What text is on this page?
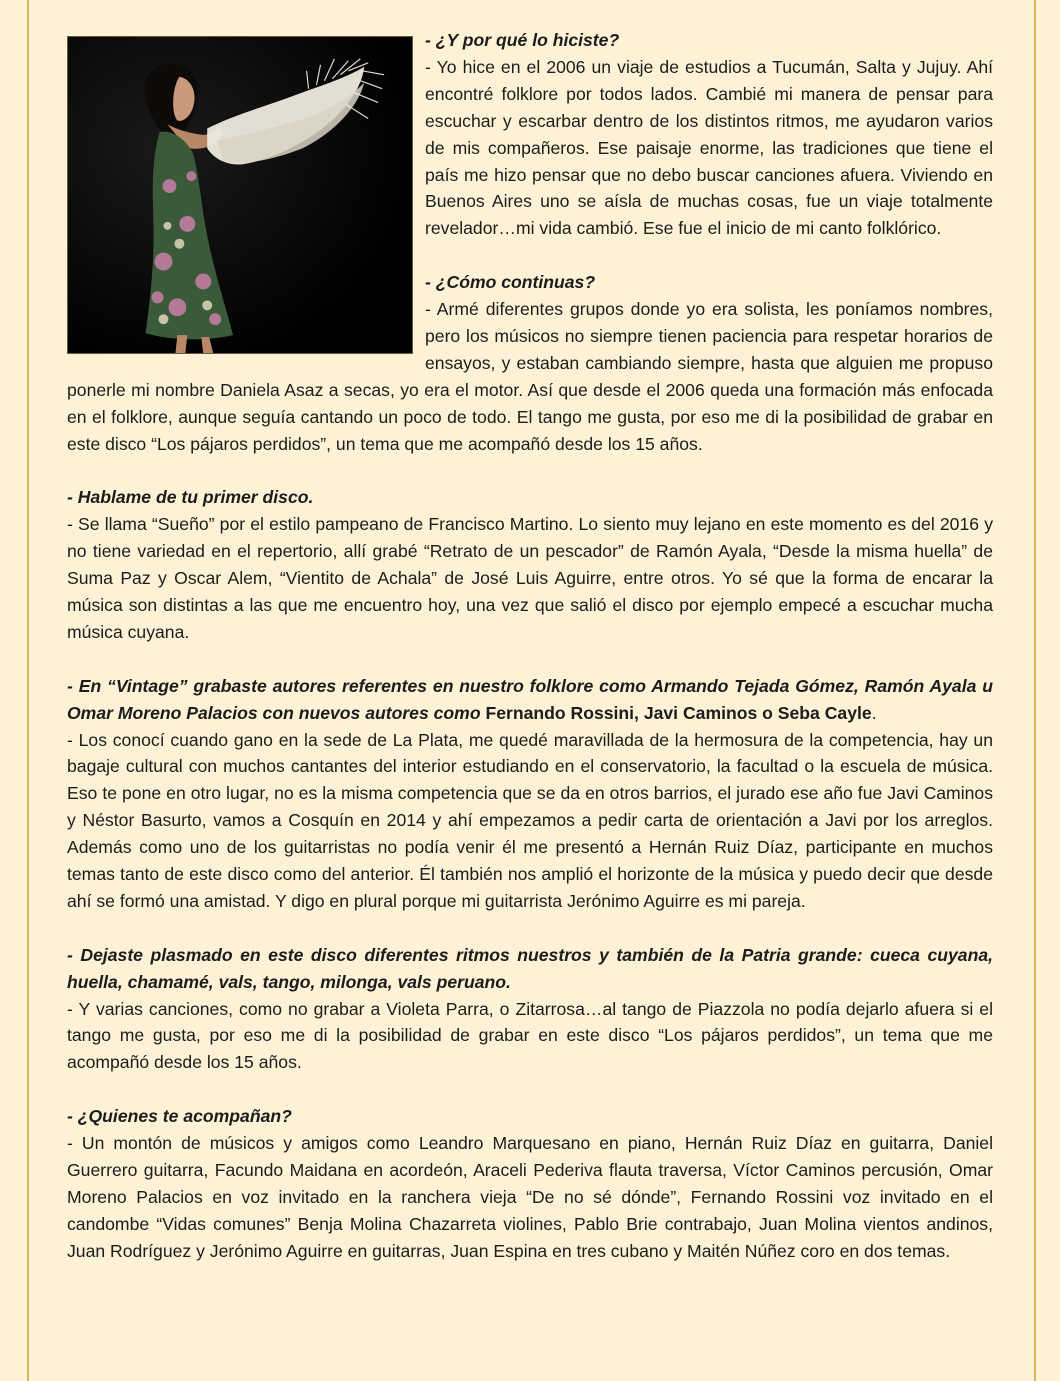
- ¿Y por qué lo hiciste?

- Yo hice en el 2006 un viaje de estudios a Tucumán, Salta y Jujuy. Ahí encontré folklore por todos lados. Cambié mi manera de pensar para escuchar y escarbar dentro de los distintos ritmos, me ayudaron varios de mis compañeros. Ese paisaje enorme, las tradiciones que tiene el país me hizo pensar que no debo buscar canciones afuera. Viviendo en Buenos Aires uno se aísla de muchas cosas, fue un viaje totalmente revelador…mi vida cambió. Ese fue el inicio de mi canto folklórico.

- ¿Cómo continuas?

- Armé diferentes grupos donde yo era solista, les poníamos nombres, pero los músicos no siempre tienen paciencia para respetar horarios de ensayos, y estaban cambiando siempre, hasta que alguien me propuso ponerle mi nombre Daniela Asaz a secas, yo era el motor. Así que desde el 2006 queda una formación más enfocada en el folklore, aunque seguía cantando un poco de todo. El tango me gusta, por eso me di la posibilidad de grabar en este disco “Los pájaros perdidos”, un tema que me acompañó desde los 15 años.

- Hablame de tu primer disco.

- Se llama “Sueño” por el estilo pampeano de Francisco Martino. Lo siento muy lejano en este momento es del 2016 y no tiene variedad en el repertorio, allí grabé “Retrato de un pescador” de Ramón Ayala, “Desde la misma huella” de Suma Paz y Oscar Alem, “Vientito de Achala” de José Luis Aguirre, entre otros. Yo sé que la forma de encarar la música son distintas a las que me encuentro hoy, una vez que salió el disco por ejemplo empecé a escuchar mucha música cuyana.

- En “Vintage” grabaste autores referentes en nuestro folklore como Armando Tejada Gómez, Ramón Ayala u Omar Moreno Palacios con nuevos autores como Fernando Rossini, Javi Caminos o Seba Cayle.

- Los conocí cuando gano en la sede de La Plata, me quedé maravillada de la hermosura de la competencia, hay un bagaje cultural con muchos cantantes del interior estudiando en el conservatorio, la facultad o la escuela de música. Eso te pone en otro lugar, no es la misma competencia que se da en otros barrios, el jurado ese año fue Javi Caminos y Néstor Basurto, vamos a Cosquín en 2014 y ahí empezamos a pedir carta de orientación a Javi por los arreglos. Además como uno de los guitarristas no podía venir él me presentó a Hernán Ruiz Díaz, participante en muchos temas tanto de este disco como del anterior. Él también nos amplió el horizonte de la música y puedo decir que desde ahí se formó una amistad. Y digo en plural porque mi guitarrista Jerónimo Aguirre es mi pareja.

- Dejaste plasmado en este disco diferentes ritmos nuestros y también de la Patria grande: cueca cuyana, huella, chamamé, vals, tango, milonga, vals peruano.

- Y varias canciones, como no grabar a Violeta Parra, o Zitarrosa…al tango de Piazzola no podía dejarlo afuera si el tango me gusta, por eso me di la posibilidad de grabar en este disco “Los pájaros perdidos”, un tema que me acompañó desde los 15 años.

- ¿Quienes te acompañan?

- Un montón de músicos y amigos como Leandro Marquesano en piano, Hernán Ruiz Díaz en guitarra, Daniel Guerrero guitarra, Facundo Maidana en acordeón, Araceli Pederiva flauta traversa, Víctor Caminos percusión, Omar Moreno Palacios en voz invitado en la ranchera vieja “De no sé dónde”, Fernando Rossini voz invitado en el candombe “Vidas comunes” Benja Molina Chazarreta violines, Pablo Brie contrabajo, Juan Molina vientos andinos, Juan Rodríguez y Jerónimo Aguirre en guitarras, Juan Espina en tres cubano y Maitén Núñez coro en dos temas.
